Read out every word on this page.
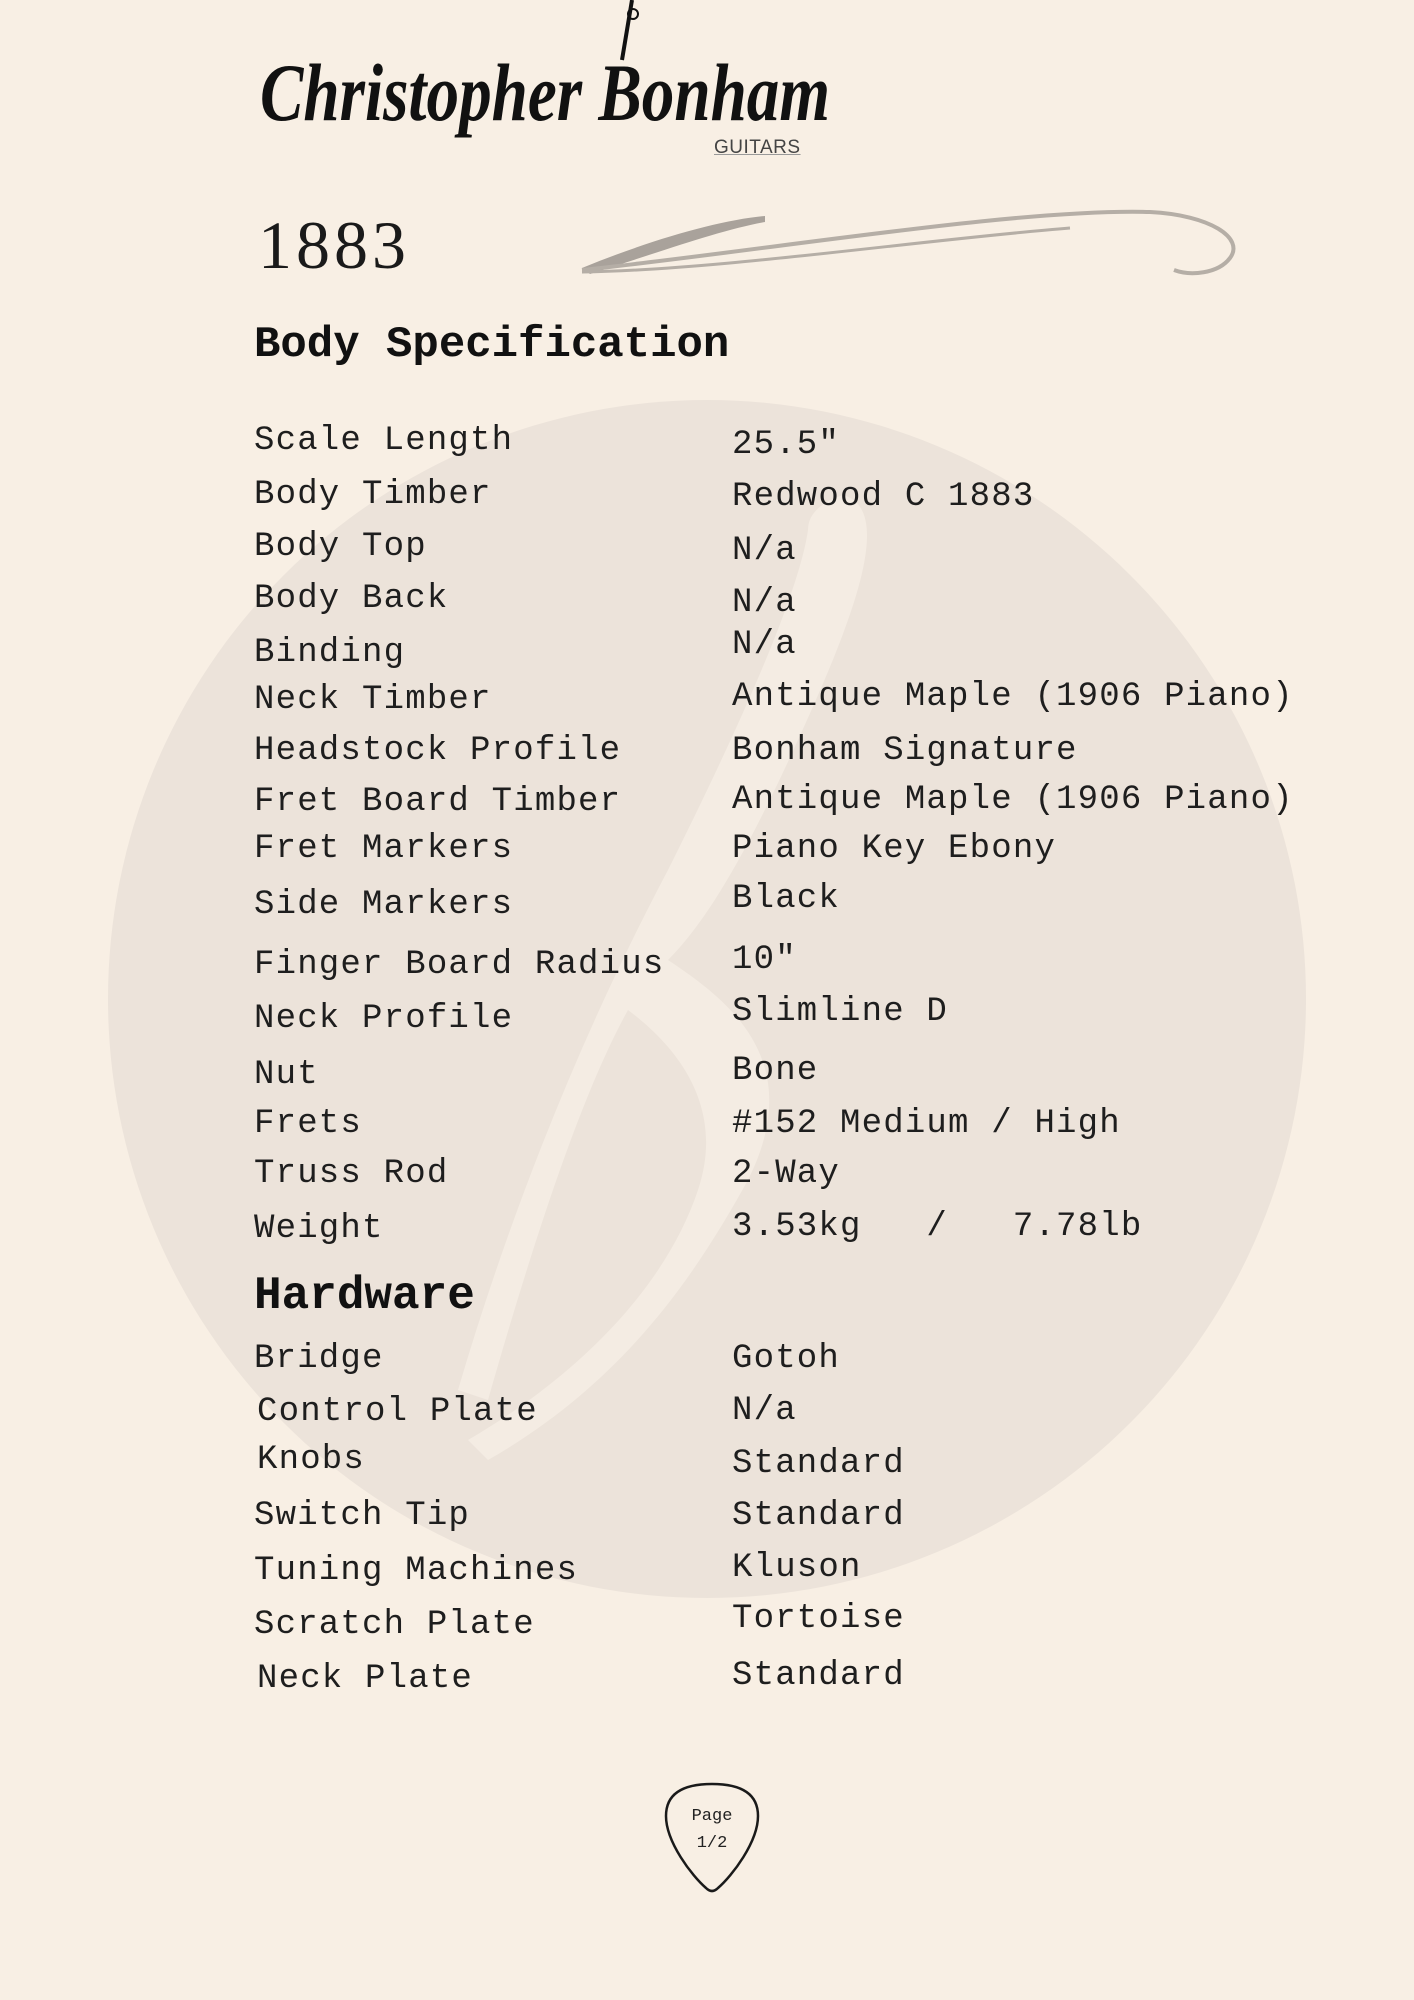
Christopher Bonham
GUITARS
1883
Body Specification
Scale Length	25.5"
Body Timber	Redwood C 1883
Body Top	N/a
Body Back	N/a
Binding	N/a
Neck Timber	Antique Maple (1906 Piano)
Headstock Profile	Bonham Signature
Fret Board Timber	Antique Maple (1906 Piano)
Fret Markers	Piano Key Ebony
Side Markers	Black
Finger Board Radius 10"
Neck Profile	Slimline D
Nut	Bone
Frets	#152 Medium / High
Truss Rod	2-Way
Weight	3.53kg   /   7.78lb
Hardware
Bridge	Gotoh
Control Plate	N/a
Knobs	Standard
Switch Tip	Standard
Tuning Machines	Kluson
Scratch Plate	Tortoise
Neck Plate	Standard
Page
1/2
